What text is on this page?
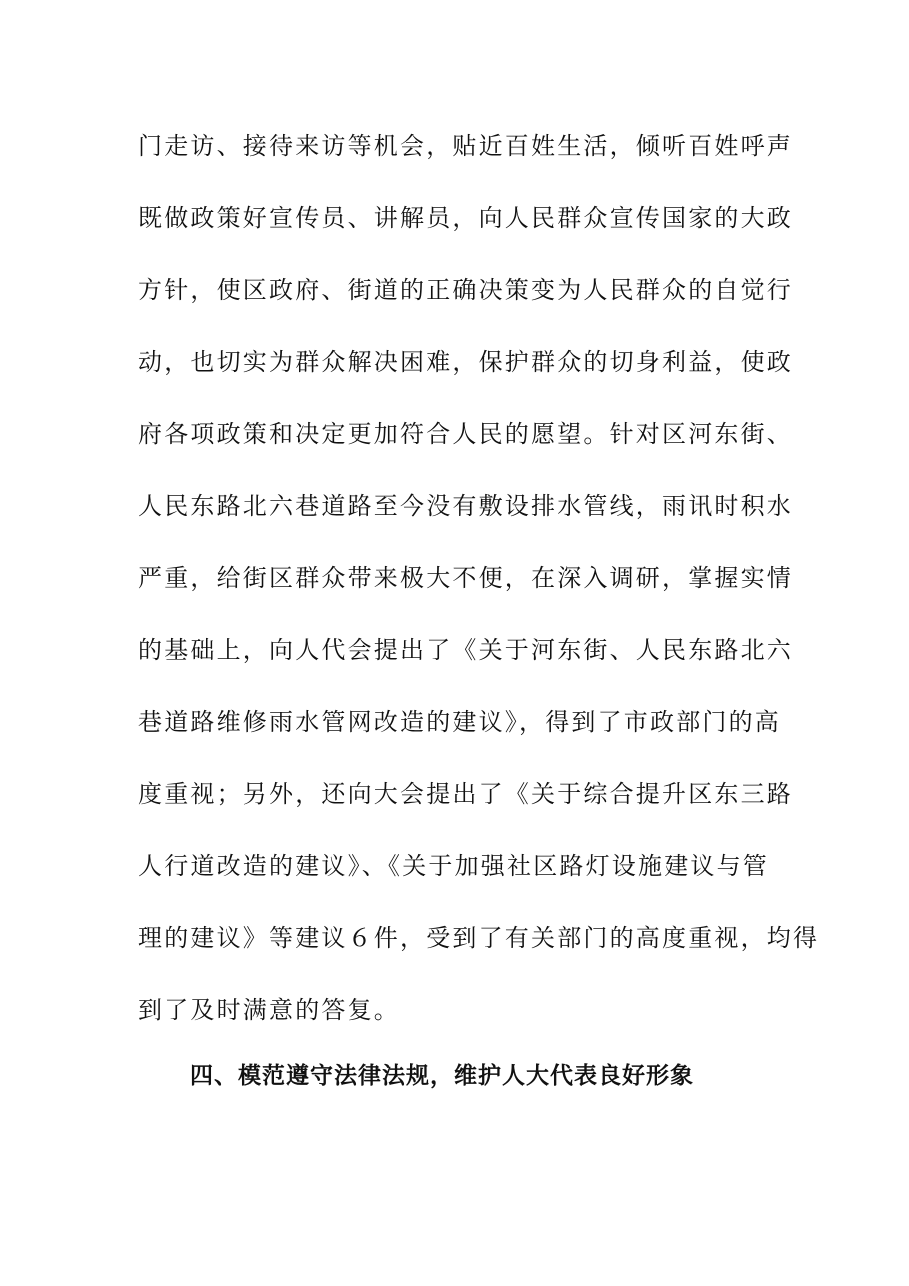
门走访、接待来访等机会，贴近百姓生活，倾听百姓呼声
既做政策好宣传员、讲解员，向人民群众宣传国家的大政
方针，使区政府、街道的正确决策变为人民群众的自觉行
动，也切实为群众解决困难，保护群众的切身利益，使政
府各项政策和决定更加符合人民的愿望。针对区河东街、
人民东路北六巷道路至今没有敷设排水管线，雨讯时积水
严重，给街区群众带来极大不便，在深入调研，掌握实情
的基础上，向人代会提出了《关于河东街、人民东路北六
巷道路维修雨水管网改造的建议》，得到了市政部门的高
度重视；另外，还向大会提出了《关于综合提升区东三路
人行道改造的建议》、《关于加强社区路灯设施建议与管
理的建议》等建议６件，受到了有关部门的高度重视，均得
到了及时满意的答复。
四、模范遵守法律法规，维护人大代表良好形象
